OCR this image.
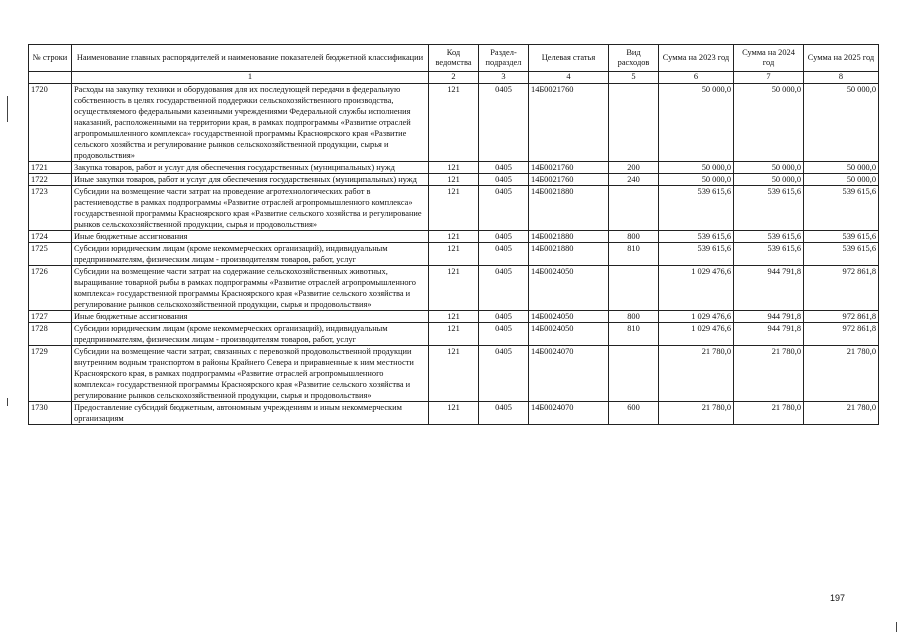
№ строки	Наименование главных распорядителей и наименование показателей бюджетной классификации	Код ведомства	Раздел-подраздел	Целевая статья	Вид расходов	Сумма на 2023 год	Сумма на 2024 год	Сумма на 2025 год
	1	2	3	4	5	6	7	8
1720	Расходы на закупку техники и оборудования для их последующей передачи в федеральную собственность в целях государственной поддержки сельскохозяйственного производства, осуществляемого федеральными казенными учреждениями Федеральной службы исполнения наказаний, расположенными на территории края, в рамках подпрограммы «Развитие отраслей агропромышленного комплекса» государственной программы Красноярского края «Развитие сельского хозяйства и регулирование рынков сельскохозяйственной продукции, сырья и продовольствия»	121	0405	14Б0021760		50 000,0	50 000,0	50 000,0
1721	Закупка товаров, работ и услуг для обеспечения государственных (муниципальных) нужд	121	0405	14Б0021760	200	50 000,0	50 000,0	50 000,0
1722	Иные закупки товаров, работ и услуг для обеспечения государственных (муниципальных) нужд	121	0405	14Б0021760	240	50 000,0	50 000,0	50 000,0
1723	Субсидии на возмещение части затрат на проведение агротехнологических работ в растениеводстве в рамках подпрограммы «Развитие отраслей агропромышленного комплекса» государственной программы Красноярского края «Развитие сельского хозяйства и регулирование рынков сельскохозяйственной продукции, сырья и продовольствия»	121	0405	14Б0021880		539 615,6	539 615,6	539 615,6
1724	Иные бюджетные ассигнования	121	0405	14Б0021880	800	539 615,6	539 615,6	539 615,6
1725	Субсидии юридическим лицам (кроме некоммерческих организаций), индивидуальным предпринимателям, физическим лицам - производителям товаров, работ, услуг	121	0405	14Б0021880	810	539 615,6	539 615,6	539 615,6
1726	Субсидии на возмещение части затрат на содержание сельскохозяйственных животных, выращивание товарной рыбы в рамках подпрограммы «Развитие отраслей агропромышленного комплекса» государственной программы Красноярского края «Развитие сельского хозяйства и регулирование рынков сельскохозяйственной продукции, сырья и продовольствия»	121	0405	14Б0024050		1 029 476,6	944 791,8	972 861,8
1727	Иные бюджетные ассигнования	121	0405	14Б0024050	800	1 029 476,6	944 791,8	972 861,8
1728	Субсидии юридическим лицам (кроме некоммерческих организаций), индивидуальным предпринимателям, физическим лицам - производителям товаров, работ, услуг	121	0405	14Б0024050	810	1 029 476,6	944 791,8	972 861,8
1729	Субсидии на возмещение части затрат, связанных с перевозкой продовольственной продукции внутренним водным транспортом в районы Крайнего Севера и приравненные к ним местности Красноярского края, в рамках подпрограммы «Развитие отраслей агропромышленного комплекса» государственной программы Красноярского края «Развитие сельского хозяйства и регулирование рынков сельскохозяйственной продукции, сырья и продовольствия»	121	0405	14Б0024070		21 780,0	21 780,0	21 780,0
1730	Предоставление субсидий бюджетным, автономным учреждениям и иным некоммерческим организациям	121	0405	14Б0024070	600	21 780,0	21 780,0	21 780,0
197
